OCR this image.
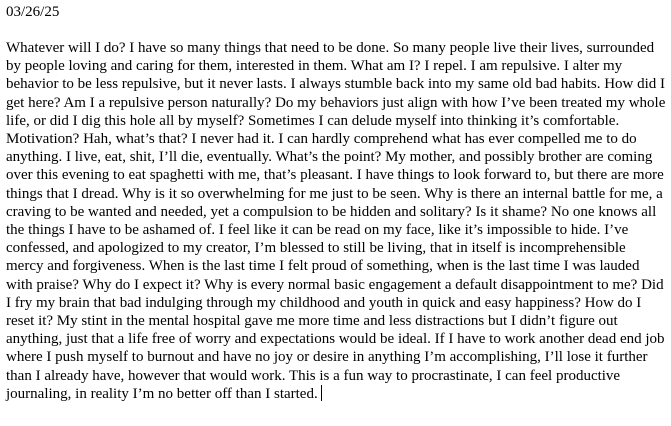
03/26/25

Whatever will I do? I have so many things that need to be done. So many people live their lives, surrounded by people loving and caring for them, interested in them. What am I? I repel. I am repulsive. I alter my behavior to be less repulsive, but it never lasts. I always stumble back into my same old bad habits. How did I get here? Am I a repulsive person naturally? Do my behaviors just align with how I’ve been treated my whole life, or did I dig this hole all by myself? Sometimes I can delude myself into thinking it’s comfortable. Motivation? Hah, what’s that? I never had it. I can hardly comprehend what has ever compelled me to do anything. I live, eat, shit, I’ll die, eventually. What’s the point? My mother, and possibly brother are coming over this evening to eat spaghetti with me, that’s pleasant. I have things to look forward to, but there are more things that I dread. Why is it so overwhelming for me just to be seen. Why is there an internal battle for me, a craving to be wanted and needed, yet a compulsion to be hidden and solitary? Is it shame? No one knows all the things I have to be ashamed of. I feel like it can be read on my face, like it’s impossible to hide. I’ve confessed, and apologized to my creator, I’m blessed to still be living, that in itself is incomprehensible mercy and forgiveness. When is the last time I felt proud of something, when is the last time I was lauded with praise? Why do I expect it? Why is every normal basic engagement a default disappointment to me? Did I fry my brain that bad indulging through my childhood and youth in quick and easy happiness? How do I reset it? My stint in the mental hospital gave me more time and less distractions but I didn’t figure out anything, just that a life free of worry and expectations would be ideal. If I have to work another dead end job where I push myself to burnout and have no joy or desire in anything I’m accomplishing, I’ll lose it further than I already have, however that would work. This is a fun way to procrastinate, I can feel productive journaling, in reality I’m no better off than I started.
